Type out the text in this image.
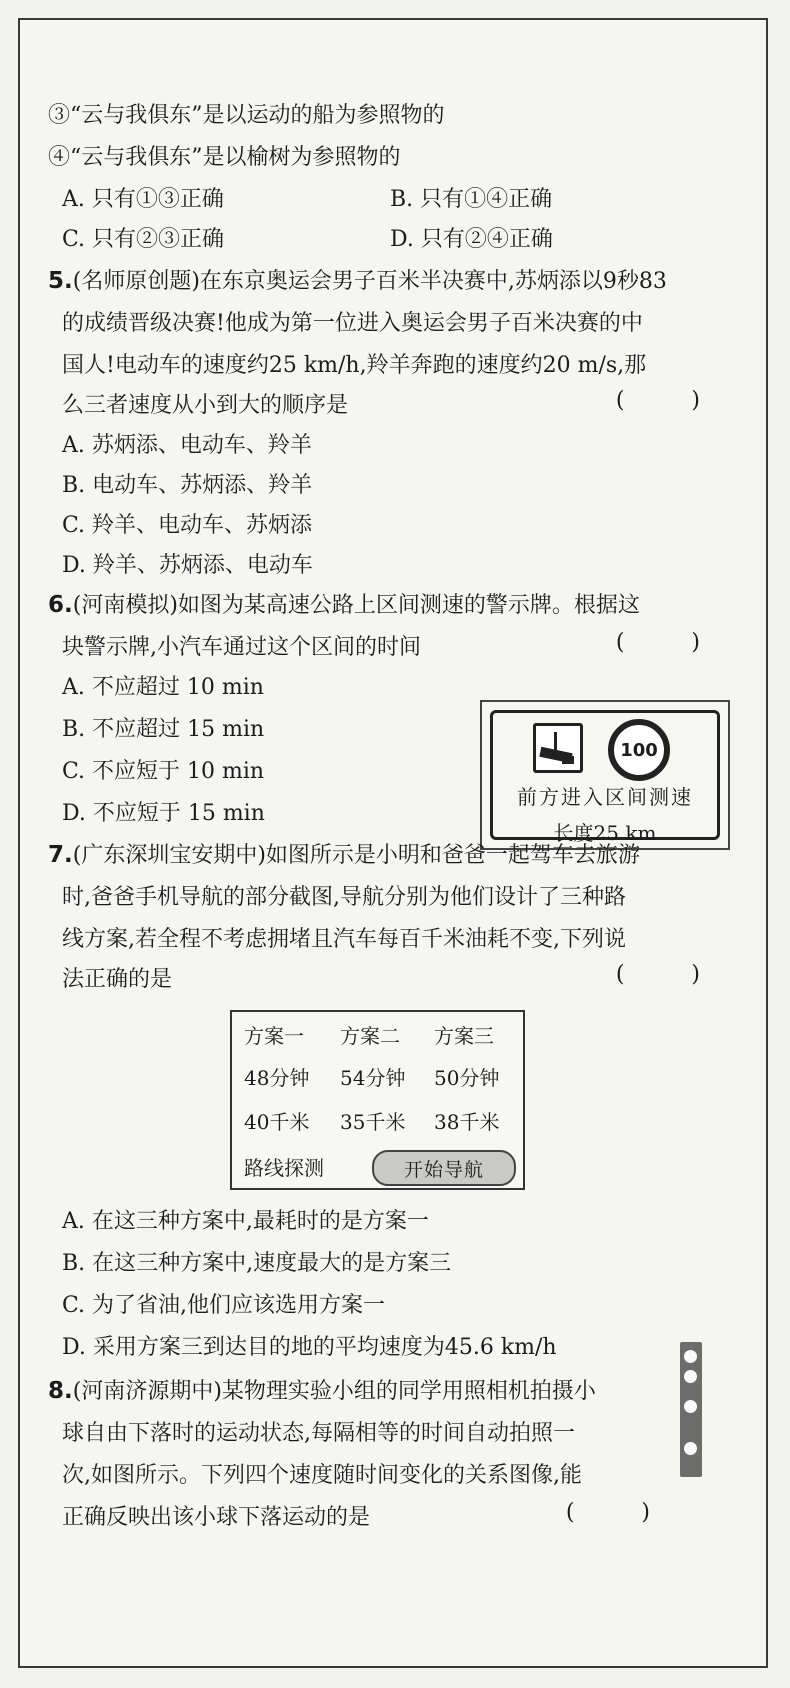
③“云与我俱东”是以运动的船为参照物的
④“云与我俱东”是以榆树为参照物的
A. 只有①③正确	B. 只有①④正确
C. 只有②③正确	D. 只有②④正确
5.(名师原创题)在东京奥运会男子百米半决赛中,苏炳添以9秒83
的成绩晋级决赛!他成为第一位进入奥运会男子百米决赛的中
国人!电动车的速度约25 km/h,羚羊奔跑的速度约20 m/s,那
么三者速度从小到大的顺序是	( )
A. 苏炳添、电动车、羚羊
B. 电动车、苏炳添、羚羊
C. 羚羊、电动车、苏炳添
D. 羚羊、苏炳添、电动车
6.(河南模拟)如图为某高速公路上区间测速的警示牌。根据这
块警示牌,小汽车通过这个区间的时间	( )
A. 不应超过 10 min
B. 不应超过 15 min
C. 不应短于 10 min
D. 不应短于 15 min
100
前方进入区间测速
长度25 km
7.(广东深圳宝安期中)如图所示是小明和爸爸一起驾车去旅游
时,爸爸手机导航的部分截图,导航分别为他们设计了三种路
线方案,若全程不考虑拥堵且汽车每百千米油耗不变,下列说
法正确的是	( )
方案一 方案二 方案三
48分钟 54分钟 50分钟
40千米 35千米 38千米
路线探测	开始导航
A. 在这三种方案中,最耗时的是方案一
B. 在这三种方案中,速度最大的是方案三
C. 为了省油,他们应该选用方案一
D. 采用方案三到达目的地的平均速度为45.6 km/h
8.(河南济源期中)某物理实验小组的同学用照相机拍摄小
球自由下落时的运动状态,每隔相等的时间自动拍照一
次,如图所示。下列四个速度随时间变化的关系图像,能
正确反映出该小球下落运动的是	( )
